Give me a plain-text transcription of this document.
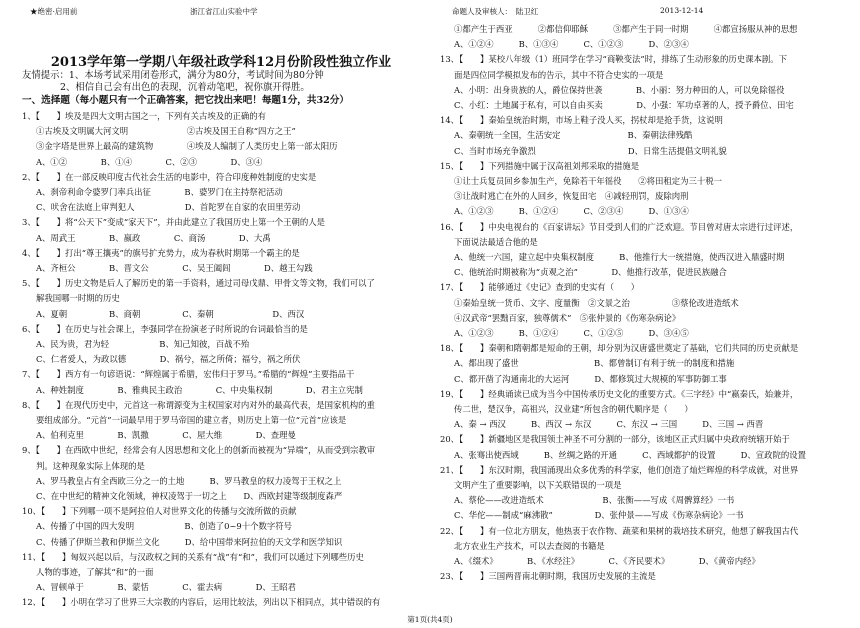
★绝密·启用前	浙江省江山实验中学	命题人及审核人：　陆卫红	2013-12-14
2013学年第一学期八年级社政学科12月份阶段性独立作业
友情提示：1、本场考试采用闭卷形式，满分为80分，考试时间为80分钟
2、相信自己会有出色的表现，沉着动笔吧，祝你旗开得胜。
一、选择题（每小题只有一个正确答案，把它找出来吧！每题1分，共32分）
1、【　　】埃及是四大文明古国之一，下列有关古埃及的正确的有
①古埃及文明属大河文明　　　　　　　②古埃及国王自称“四方之王”
③金字塔是世界上最高的建筑物　　　　④埃及人编制了人类历史上第一部太阳历
A、①②　　　　B、①④　　　　C、②③　　　　D、③④
2、【　　】在一部反映印度古代社会生活的电影中，符合印度种姓制度的史实是
A、刹帝利命令婆罗门率兵出征　　　　B、婆罗门在主持祭祀活动
C、吠舍在法庭上审判犯人　　　　　　D、首陀罗在自家的农田里劳动
3、【　　】将“公天下”变成“家天下”，并由此建立了我国历史上第一个王朝的人是
A、周武王　　　　B、嬴政　　　　C、商汤　　　　D、大禹
4、【　　】打出“尊王攘夷”的旗号扩充势力，成为春秋时期第一个霸主的是
A、齐桓公　　　　B、晋文公　　　　C、吴王阖闾　　　　D、越王勾践
5、【　　】历史文物是后人了解历史的第一手资料，通过司母戊鼎、甲骨文等文物，我们可以了
解我国哪一时期的历史
A、夏朝　　　　　B、商朝　　　　　C、秦朝　　　　　　　D、西汉
6、【　　】在历史与社会课上，李强同学在扮演老子时所说的台词最恰当的是
A、民为贵，君为轻　　　　　　B、知己知彼，百战不殆
C、仁者爱人，为政以德　　　　D、祸兮，福之所倚；福兮，祸之所伏
7、【　　】西方有一句谚语说：“辉煌属于希腊，宏伟归于罗马。”希腊的“辉煌”主要指品干
A、种姓制度　　　　B、雅典民主政治　　　　C、中央集权制　　　　D、君主立宪制
8、【　　】在现代历史中，元首这一称谓源变为主权国家对内对外的最高代表，是国家机构的重
要组成部分。“元首”一词最早用于罗马帝国的建立者，则历史上第一位“元首”应该是
A、伯利克里　　　　B、凯撒　　　　C、屋大维　　　　D、查理曼
9、【　　】在西欧中世纪，经常会有人因思想和文化上的创新而被视为“异端”，从而受到宗教审
判。这种现象实际上体现的是
A、罗马教皇占有全西欧三分之一的土地　　　B、罗马教皇的权力凌驾于王权之上
C、在中世纪的精神文化领域，神权凌驾于一切之上　　D、西欧封建等级制度森严
10、【　　】下列哪一项不是阿拉伯人对世界文化的传播与交流所做的贡献
A、传播了中国的四大发明　　　　　　B、创造了0~9十个数字符号
C、传播了伊斯兰教和伊斯兰文化　　　D、给中国带来阿拉伯的天文学和医学知识
11、【　　】匈奴兴起以后，与汉政权之间的关系有“战”有“和”，我们可以通过下列哪些历史
人物的事迹，了解其“和”的一面
A、冒顿单于　　　　B、蒙恬　　　　C、霍去病　　　　D、王昭君
12、【　　】小明在学习了世界三大宗教的内容后，运用比较法，列出以下相同点，其中错误的有
①都产生于西亚　　　②都信仰耶稣　　　③都产生于同一时期　　　④都宣扬服从神的思想
A、①②④　　　B、①③④　　　C、①②③　　　D、②③④
13、【　　】某校八年级（1）班同学在学习“商鞅变法”时，排练了生动形象的历史课本剧。下
面是四位同学模拟发布的告示，其中不符合史实的一项是
A、小明：出身贵族的人，爵位保持世袭　　　　B、小丽：努力种田的人，可以免除徭役
C、小红：土地属于私有，可以自由买卖　　　　D、小强：军功卓著的人，授予爵位、田宅
14、【　　】秦始皇统治时期，市场上鞋子没人买，拐杖却是抢手货，这说明
A、秦朝统一全国，生活安定　　　　　　　　B、秦朝法律残酷
C、当时市场充争激烈　　　　　　　　　　　D、日常生活提倡文明礼貌
15、【　　】下列措施中属于汉高祖刘邦采取的措施是
①让士兵复员回乡参加生产，免除若干年徭役　　②将田租定为三十税一
③让战时逃亡在外的人回乡，恢复田宅　④减轻刑罚，废除肉刑
A、①②③　　　B、①②④　　　C、②③④　　　D、①③④
16、【　　】中央电视台的《百家讲坛》节目受到人们的广泛欢迎。节目曾对唐太宗进行过评述，
下面说法最适合他的是
A、他统一六国，建立起中央集权制度　　　B、他推行大一统措施，使西汉进入鼎盛时期
C、他统治时期被称为“贞观之治”　　　　D、他推行改革，促进民族融合
17、【　　】能够通过《史记》查到的史实有（　　）
①秦始皇统一货币、文字、度量衡　②文景之治　　　　　③蔡伦改进造纸术
④汉武帝“罢黜百家，独尊儒术”　⑤张仲景的《伤寒杂病论》
A、①②③　　　B、①②④　　　C、①②⑤　　　D、③④⑤
18、【　　】秦朝和隋朝都是短命的王朝，却分别为汉唐盛世奠定了基础，它们共同的历史贡献是
A、都出现了盛世　　　　　　　　　B、都曾制订有利于统一的制度和措施
C、都开凿了沟通南北的大运河　　　D、都修筑过大规模的军事防御工事
19、【　　】经典诵读已成为当今中国传承历史文化的重要方式。《三字经》中“嬴秦氏，始兼并，
传二世，楚汉争，高祖兴，汉业建”所包含的朝代顺序是（　　）
A、秦 → 西汉　　　B、西汉 → 东汉　　　C、东汉 → 三国　　　D、三国 → 西晋
20、【　　】新疆地区是我国领土神圣不可分割的一部分，该地区正式归属中央政府统辖开始于
A、张骞出使西域　　　B、丝绸之路的开通　　　C、西域都护的设置　　　D、宣政院的设置
21、【　　】东汉时期，我国涌现出众多优秀的科学家，他们创造了灿烂辉煌的科学成就，对世界
文明产生了重要影响，以下关联错误的一项是
A、蔡伦——改进造纸术　　　　　　　B、张衡——写成《周髀算经》一书
C、华佗——制成“麻沸散”　　　　　D、张仲景——写成《伤寒杂病论》一书
22、【　　】有一位北方朋友，他热衷于农作物、蔬菜和果树的栽培技术研究，他想了解我国古代
北方农业生产技术，可以去查阅的书籍是
A、《缀术》　　　　B、《水经注》　　　　C、《齐民要术》　　　　D、《黄帝内经》
23、【　　】三国两晋南北朝时期，我国历史发展的主流是
第1页(共4页)
